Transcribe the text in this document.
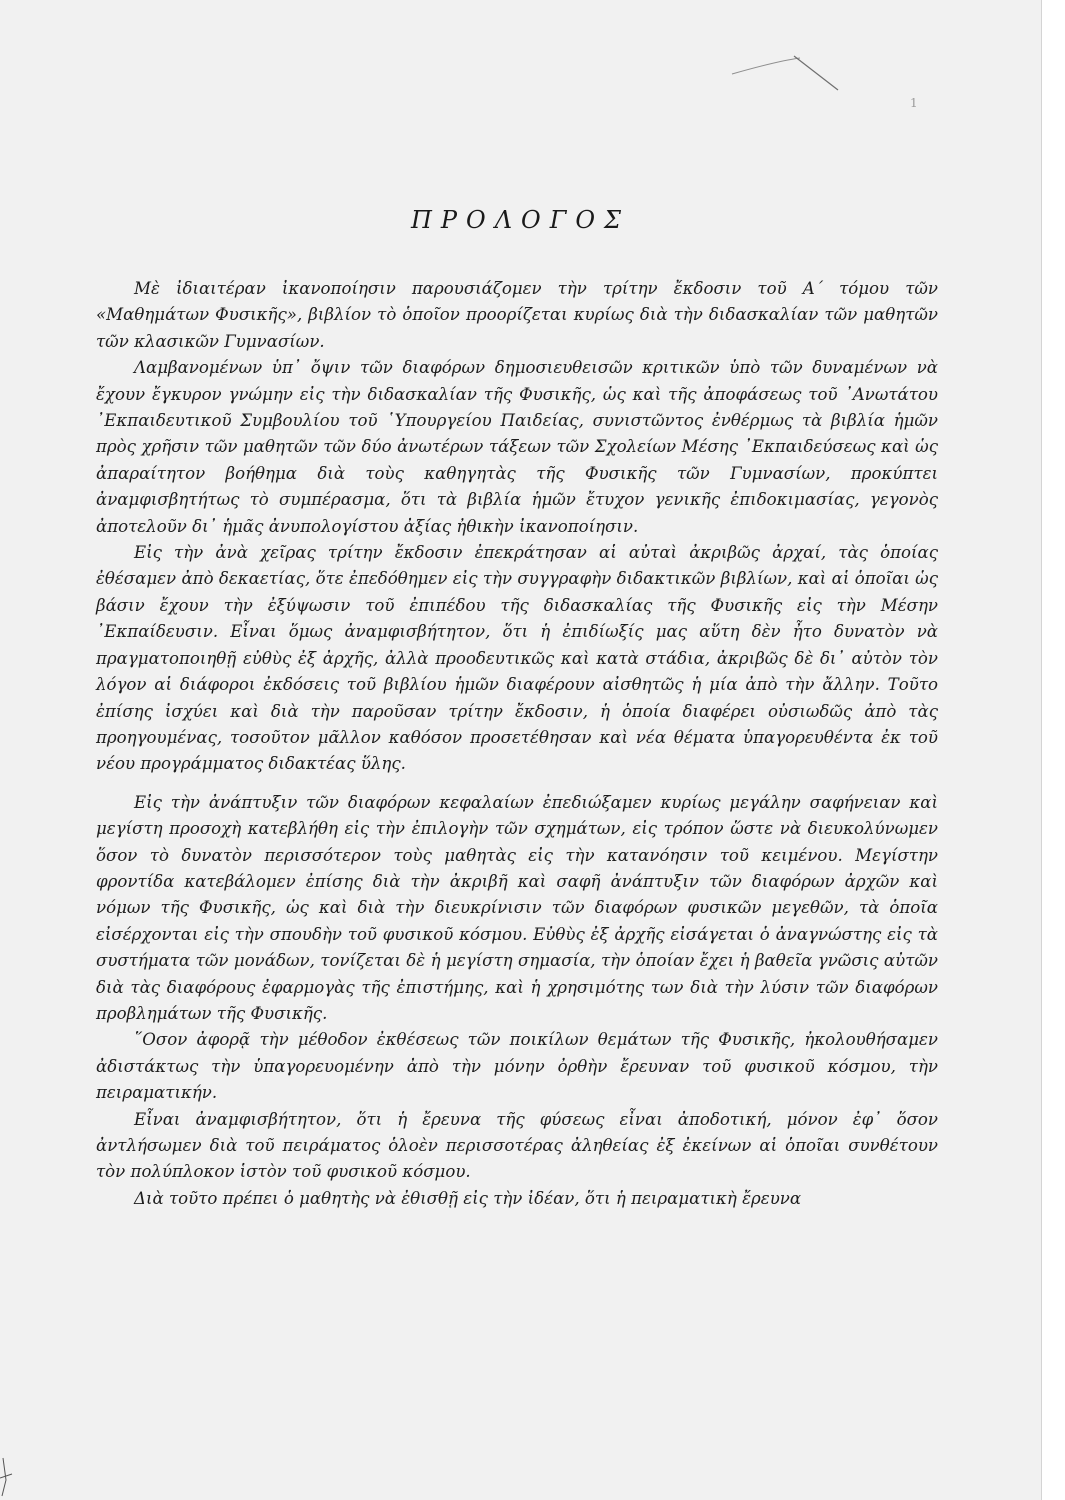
1
ΠΡΟΛΟΓΟΣ

Μὲ ἰδιαιτέραν ἰκανοποίησιν παρουσιάζομεν τὴν τρίτην ἔκδοσιν τοῦ Α΄ τόμου τῶν «Μαθημάτων Φυσικῆς», βιβλίον τὸ ὁποῖον προορίζεται κυρίως διὰ τὴν διδασκαλίαν τῶν μαθητῶν τῶν κλασικῶν Γυμνασίων.

Λαμβανομένων ὑπ᾽ ὄψιν τῶν διαφόρων δημοσιευθεισῶν κριτικῶν ὑπὸ τῶν δυναμένων νὰ ἔχουν ἔγκυρον γνώμην εἰς τὴν διδασκαλίαν τῆς Φυσικῆς, ὡς καὶ τῆς ἀποφάσεως τοῦ ᾽Ανωτάτου ᾽Εκπαιδευτικοῦ Συμβουλίου τοῦ ῾Υπουργείου Παιδείας, συνιστῶντος ἐνθέρμως τὰ βιβλία ἡμῶν πρὸς χρῆσιν τῶν μαθητῶν τῶν δύο ἀνωτέρων τάξεων τῶν Σχολείων Μέσης ᾽Εκπαιδεύσεως καὶ ὡς ἀπαραίτητον βοήθημα διὰ τοὺς καθηγητὰς τῆς Φυσικῆς τῶν Γυμνασίων, προκύπτει ἀναμφισβητήτως τὸ συμπέρασμα, ὅτι τὰ βιβλία ἡμῶν ἔτυχον γενικῆς ἐπιδοκιμασίας, γεγονὸς ἀποτελοῦν δι᾽ ἡμᾶς ἀνυπολογίστου ἀξίας ἠθικὴν ἰκανοποίησιν.

Εἰς τὴν ἀνὰ χεῖρας τρίτην ἔκδοσιν ἐπεκράτησαν αἱ αὐταὶ ἀκριβῶς ἀρχαί, τὰς ὁποίας ἐθέσαμεν ἀπὸ δεκαετίας, ὅτε ἐπεδόθημεν εἰς τὴν συγγραφὴν διδακτικῶν βιβλίων, καὶ αἱ ὁποῖαι ὡς βάσιν ἔχουν τὴν ἐξύψωσιν τοῦ ἐπιπέδου τῆς διδασκαλίας τῆς Φυσικῆς εἰς τὴν Μέσην ᾽Εκπαίδευσιν. Εἶναι ὅμως ἀναμφισβήτητον, ὅτι ἡ ἐπιδίωξίς μας αὕτη δὲν ἦτο δυνατὸν νὰ πραγματοποιηθῇ εὐθὺς ἐξ ἀρχῆς, ἀλλὰ προοδευτικῶς καὶ κατὰ στάδια, ἀκριβῶς δὲ δι᾽ αὐτὸν τὸν λόγον αἱ διάφοροι ἐκδόσεις τοῦ βιβλίου ἡμῶν διαφέρουν αἰσθητῶς ἡ μία ἀπὸ τὴν ἄλλην. Τοῦτο ἐπίσης ἰσχύει καὶ διὰ τὴν παροῦσαν τρίτην ἔκδοσιν, ἡ ὁποία διαφέρει οὐσιωδῶς ἀπὸ τὰς προηγουμένας, τοσοῦτον μᾶλλον καθόσον προσετέθησαν καὶ νέα θέματα ὑπαγορευθέντα ἐκ τοῦ νέου προγράμματος διδακτέας ὕλης.

Εἰς τὴν ἀνάπτυξιν τῶν διαφόρων κεφαλαίων ἐπεδιώξαμεν κυρίως μεγάλην σαφήνειαν καὶ μεγίστη προσοχὴ κατεβλήθη εἰς τὴν ἐπιλογὴν τῶν σχημάτων, εἰς τρόπον ὥστε νὰ διευκολύνωμεν ὅσον τὸ δυνατὸν περισσότερον τοὺς μαθητὰς εἰς τὴν κατανόησιν τοῦ κειμένου. Μεγίστην φροντίδα κατεβάλομεν ἐπίσης διὰ τὴν ἀκριβῆ καὶ σαφῆ ἀνάπτυξιν τῶν διαφόρων ἀρχῶν καὶ νόμων τῆς Φυσικῆς, ὡς καὶ διὰ τὴν διευκρίνισιν τῶν διαφόρων φυσικῶν μεγεθῶν, τὰ ὁποῖα εἰσέρχονται εἰς τὴν σπουδὴν τοῦ φυσικοῦ κόσμου. Εὐθὺς ἐξ ἀρχῆς εἰσάγεται ὁ ἀναγνώστης εἰς τὰ συστήματα τῶν μονάδων, τονίζεται δὲ ἡ μεγίστη σημασία, τὴν ὁποίαν ἔχει ἡ βαθεῖα γνῶσις αὐτῶν διὰ τὰς διαφόρους ἐφαρμογὰς τῆς ἐπιστήμης, καὶ ἡ χρησιμότης των διὰ τὴν λύσιν τῶν διαφόρων προβλημάτων τῆς Φυσικῆς.

῞Οσον ἀφορᾷ τὴν μέθοδον ἐκθέσεως τῶν ποικίλων θεμάτων τῆς Φυσικῆς, ἠκολουθήσαμεν ἀδιστάκτως τὴν ὑπαγορευομένην ἀπὸ τὴν μόνην ὀρθὴν ἔρευναν τοῦ φυσικοῦ κόσμου, τὴν πειραματικήν.

Εἶναι ἀναμφισβήτητον, ὅτι ἡ ἔρευνα τῆς φύσεως εἶναι ἀποδοτική, μόνον ἐφ᾽ ὅσον ἀντλήσωμεν διὰ τοῦ πειράματος ὁλοὲν περισσοτέρας ἀληθείας ἐξ ἐκείνων αἱ ὁποῖαι συνθέτουν τὸν πολύπλοκον ἱστὸν τοῦ φυσικοῦ κόσμου.

Διὰ τοῦτο πρέπει ὁ μαθητὴς νὰ ἐθισθῇ εἰς τὴν ἰδέαν, ὅτι ἡ πειραματικὴ ἔρευνα
